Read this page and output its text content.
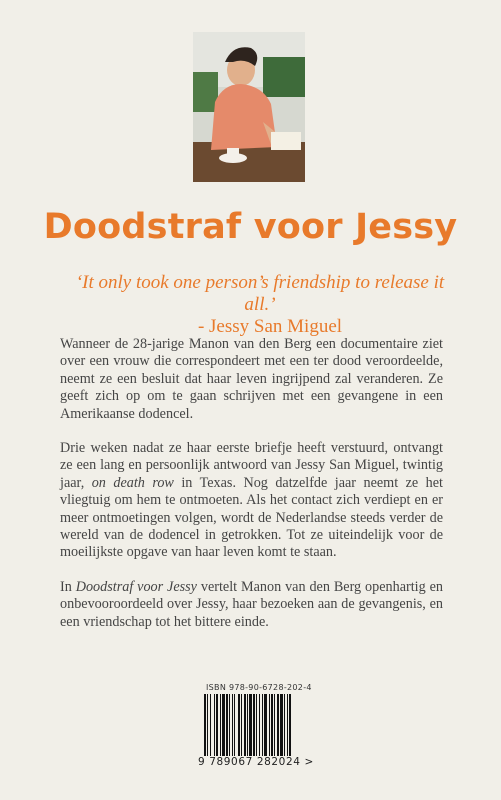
Doodstraf voor Jessy
‘It only took one person’s friendship to release it all.’
- Jessy San Miguel

Wanneer de 28-jarige Manon van den Berg een documentaire ziet over een vrouw die correspondeert met een ter dood veroordeelde, neemt ze een besluit dat haar leven ingrijpend zal veranderen. Ze geeft zich op om te gaan schrijven met een gevangene in een Amerikaanse dodencel.

Drie weken nadat ze haar eerste briefje heeft verstuurd, ontvangt ze een lang en persoonlijk antwoord van Jessy San Miguel, twintig jaar, on death row in Texas. Nog datzelfde jaar neemt ze het vliegtuig om hem te ontmoeten. Als het contact zich verdiept en er meer ontmoetingen volgen, wordt de Nederlandse steeds verder de wereld van de dodencel in getrokken. Tot ze uiteindelijk voor de moeilijkste opgave van haar leven komt te staan.

In Doodstraf voor Jessy vertelt Manon van den Berg openhartig en onbevooroordeeld over Jessy, haar bezoeken aan de gevangenis, en een vriendschap tot het bittere einde.

ISBN 978-90-6728-202-4
9 789067 282024 >
